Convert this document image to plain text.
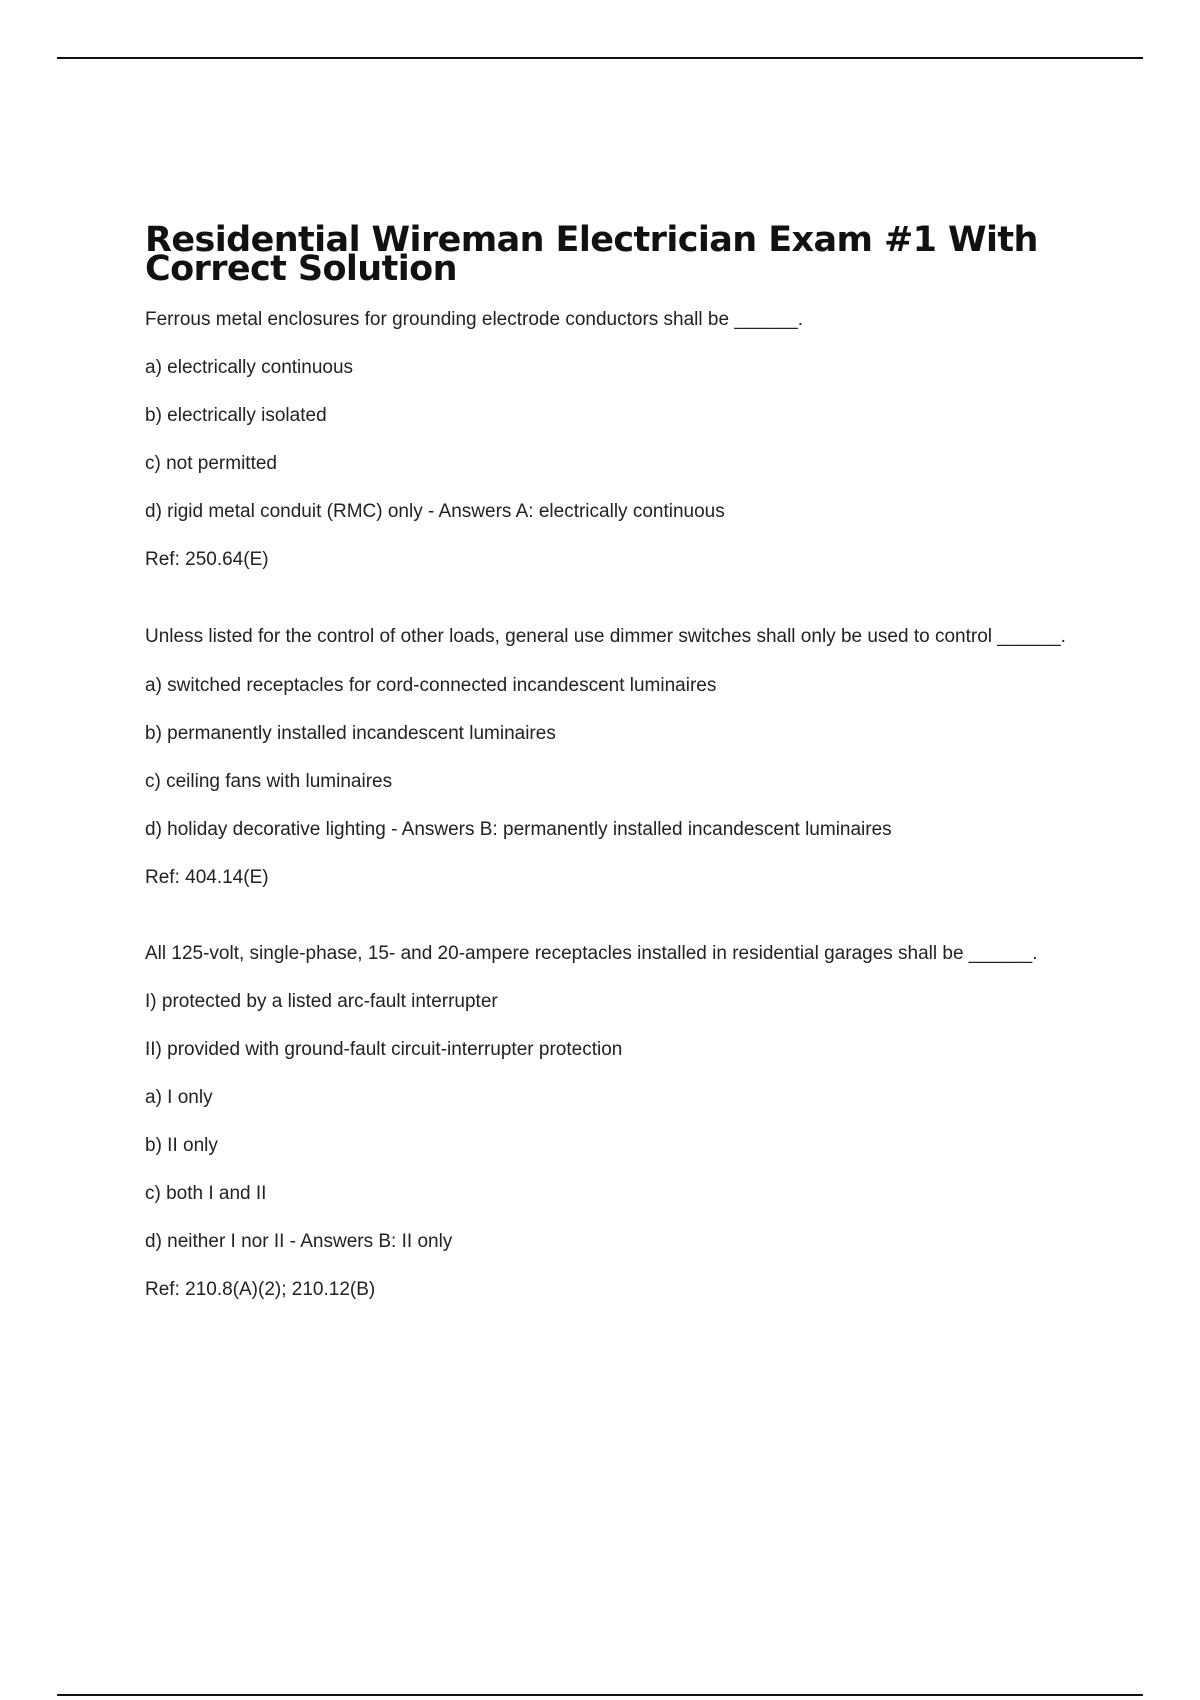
Residential Wireman Electrician Exam #1 With Correct Solution

Ferrous metal enclosures for grounding electrode conductors shall be ______.

a) electrically continuous

b) electrically isolated

c) not permitted

d) rigid metal conduit (RMC) only - Answers A: electrically continuous

Ref: 250.64(E)

Unless listed for the control of other loads, general use dimmer switches shall only be used to control ______.

a) switched receptacles for cord-connected incandescent luminaires

b) permanently installed incandescent luminaires

c) ceiling fans with luminaires

d) holiday decorative lighting - Answers B: permanently installed incandescent luminaires

Ref: 404.14(E)

All 125-volt, single-phase, 15- and 20-ampere receptacles installed in residential garages shall be ______.

I) protected by a listed arc-fault interrupter

II) provided with ground-fault circuit-interrupter protection

a) I only

b) II only

c) both I and II

d) neither I nor II - Answers B: II only

Ref: 210.8(A)(2); 210.12(B)
